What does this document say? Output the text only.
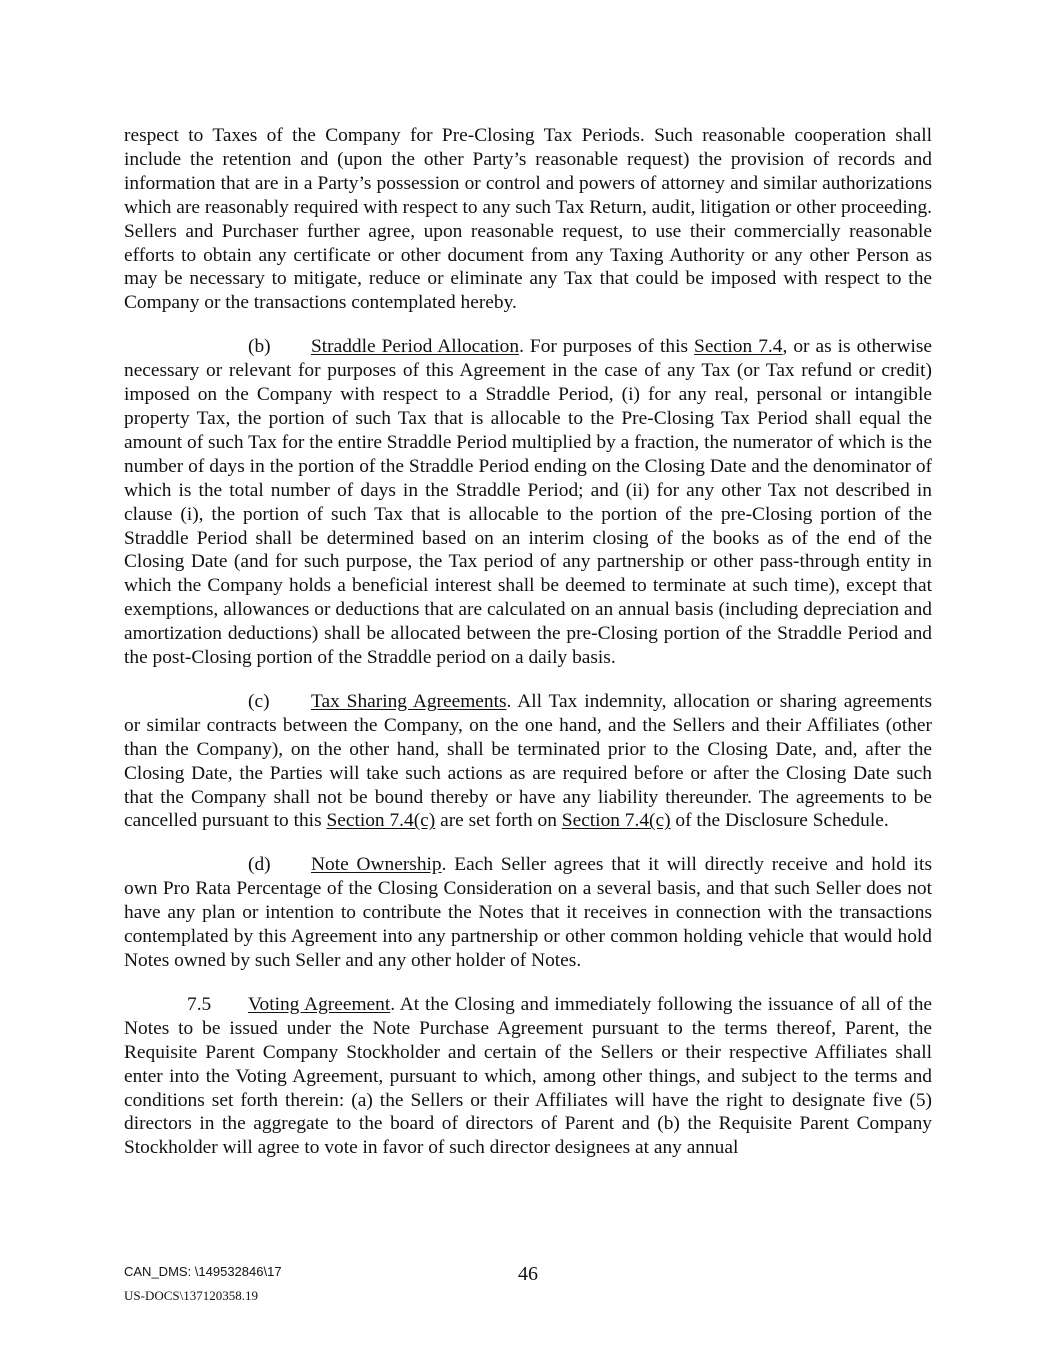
respect to Taxes of the Company for Pre-Closing Tax Periods. Such reasonable cooperation shall include the retention and (upon the other Party’s reasonable request) the provision of records and information that are in a Party’s possession or control and powers of attorney and similar authorizations which are reasonably required with respect to any such Tax Return, audit, litigation or other proceeding. Sellers and Purchaser further agree, upon reasonable request, to use their commercially reasonable efforts to obtain any certificate or other document from any Taxing Authority or any other Person as may be necessary to mitigate, reduce or eliminate any Tax that could be imposed with respect to the Company or the transactions contemplated hereby.

(b) Straddle Period Allocation. For purposes of this Section 7.4, or as is otherwise necessary or relevant for purposes of this Agreement in the case of any Tax (or Tax refund or credit) imposed on the Company with respect to a Straddle Period, (i) for any real, personal or intangible property Tax, the portion of such Tax that is allocable to the Pre-Closing Tax Period shall equal the amount of such Tax for the entire Straddle Period multiplied by a fraction, the numerator of which is the number of days in the portion of the Straddle Period ending on the Closing Date and the denominator of which is the total number of days in the Straddle Period; and (ii) for any other Tax not described in clause (i), the portion of such Tax that is allocable to the portion of the pre-Closing portion of the Straddle Period shall be determined based on an interim closing of the books as of the end of the Closing Date (and for such purpose, the Tax period of any partnership or other pass-through entity in which the Company holds a beneficial interest shall be deemed to terminate at such time), except that exemptions, allowances or deductions that are calculated on an annual basis (including depreciation and amortization deductions) shall be allocated between the pre-Closing portion of the Straddle Period and the post-Closing portion of the Straddle period on a daily basis.

(c) Tax Sharing Agreements. All Tax indemnity, allocation or sharing agreements or similar contracts between the Company, on the one hand, and the Sellers and their Affiliates (other than the Company), on the other hand, shall be terminated prior to the Closing Date, and, after the Closing Date, the Parties will take such actions as are required before or after the Closing Date such that the Company shall not be bound thereby or have any liability thereunder. The agreements to be cancelled pursuant to this Section 7.4(c) are set forth on Section 7.4(c) of the Disclosure Schedule.

(d) Note Ownership. Each Seller agrees that it will directly receive and hold its own Pro Rata Percentage of the Closing Consideration on a several basis, and that such Seller does not have any plan or intention to contribute the Notes that it receives in connection with the transactions contemplated by this Agreement into any partnership or other common holding vehicle that would hold Notes owned by such Seller and any other holder of Notes.

7.5 Voting Agreement. At the Closing and immediately following the issuance of all of the Notes to be issued under the Note Purchase Agreement pursuant to the terms thereof, Parent, the Requisite Parent Company Stockholder and certain of the Sellers or their respective Affiliates shall enter into the Voting Agreement, pursuant to which, among other things, and subject to the terms and conditions set forth therein: (a) the Sellers or their Affiliates will have the right to designate five (5) directors in the aggregate to the board of directors of Parent and (b) the Requisite Parent Company Stockholder will agree to vote in favor of such director designees at any annual

CAN_DMS: \149532846\17
US-DOCS\137120358.19
46
